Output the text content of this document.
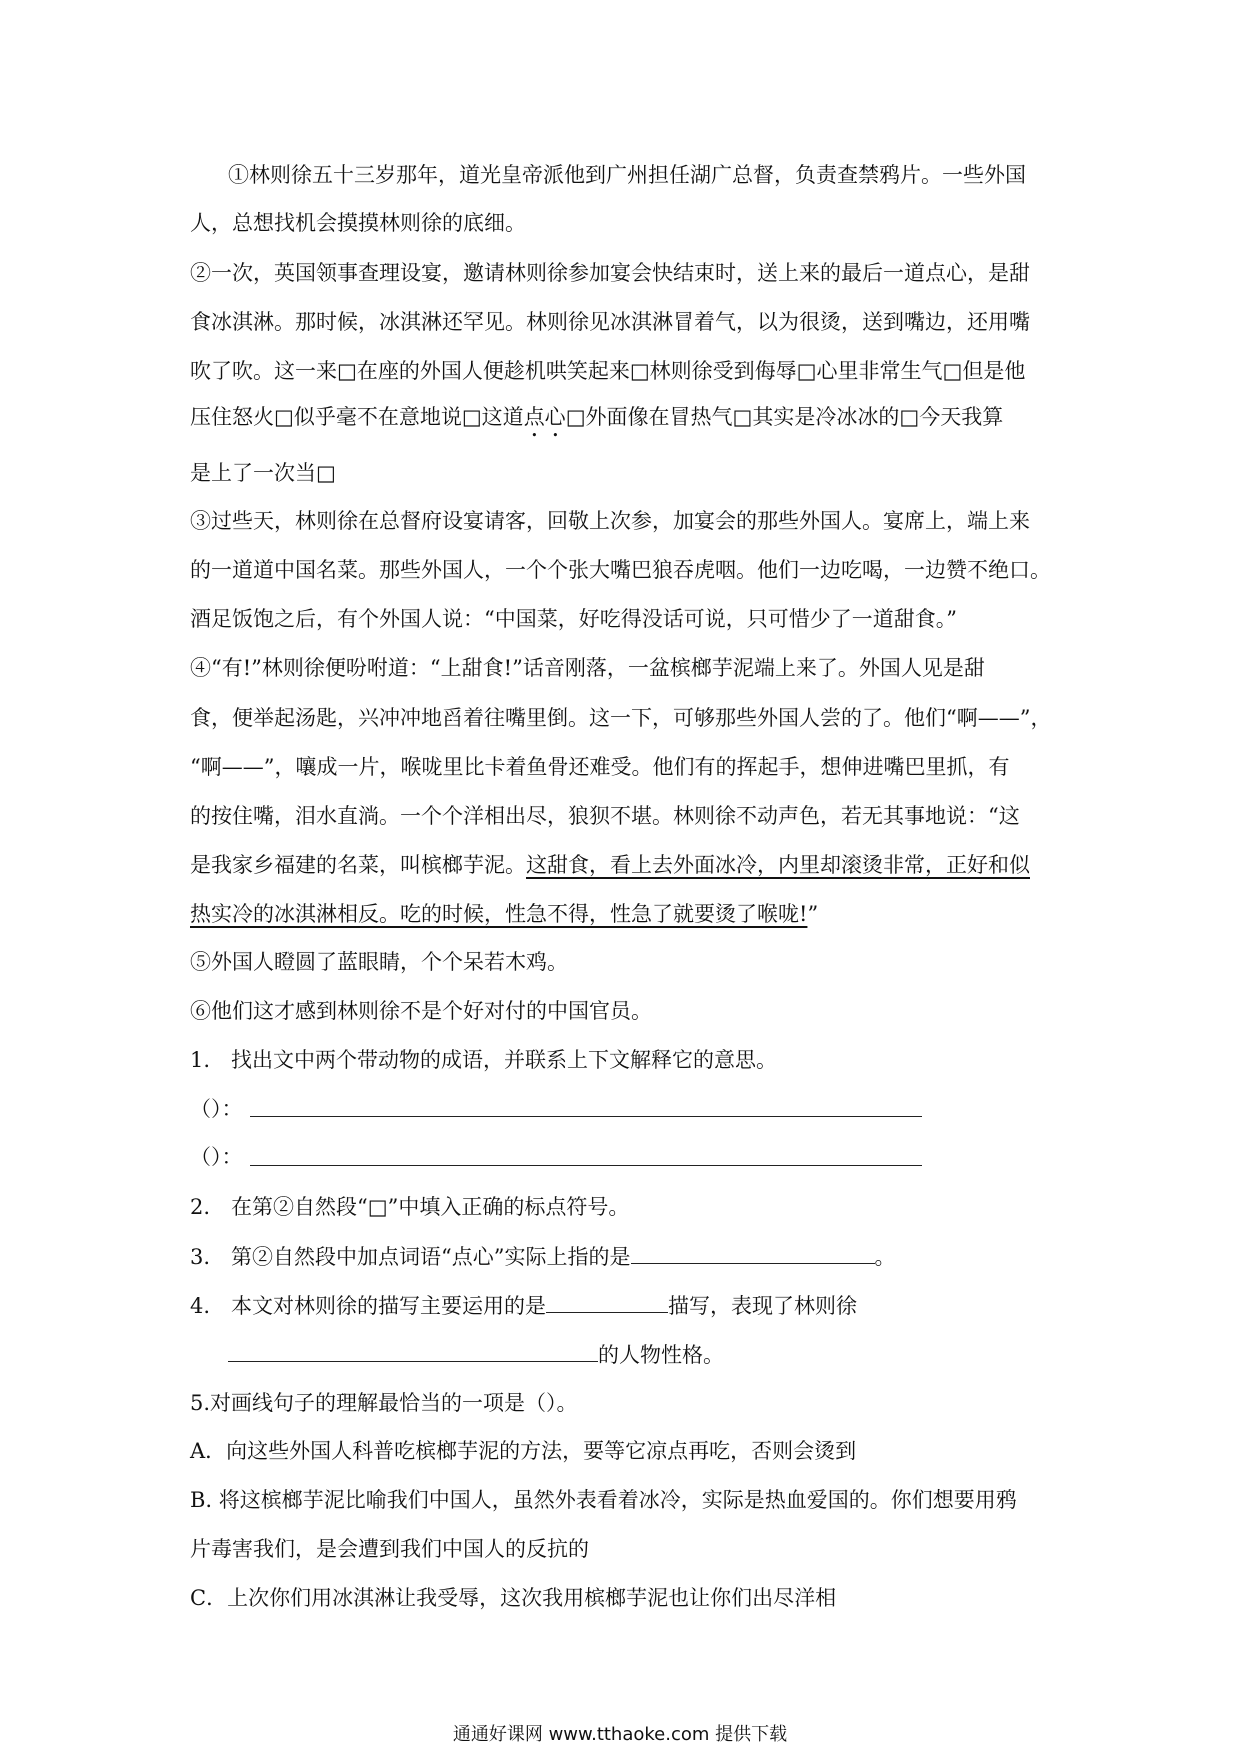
①林则徐五十三岁那年，道光皇帝派他到广州担任湖广总督，负责查禁鸦片。一些外国
人，总想找机会摸摸林则徐的底细。
②一次，英国领事查理设宴，邀请林则徐参加宴会快结束时，送上来的最后一道点心，是甜
食冰淇淋。那时候，冰淇淋还罕见。林则徐见冰淇淋冒着气，以为很烫，送到嘴边，还用嘴
吹了吹。这一来□在座的外国人便趁机哄笑起来□林则徐受到侮辱□心里非常生气□但是他
压住怒火□似乎毫不在意地说□这道点心□外面像在冒热气□其实是冷冰冰的□今天我算
是上了一次当□
③过些天，林则徐在总督府设宴请客，回敬上次参，加宴会的那些外国人。宴席上，端上来
的一道道中国名菜。那些外国人，一个个张大嘴巴狼吞虎咽。他们一边吃喝，一边赞不绝口。
酒足饭饱之后，有个外国人说：“中国菜，好吃得没话可说，只可惜少了一道甜食。”
④“有!”林则徐便吩咐道：“上甜食!”话音刚落，一盆槟榔芋泥端上来了。外国人见是甜
食，便举起汤匙，兴冲冲地舀着往嘴里倒。这一下，可够那些外国人尝的了。他们“啊——”，
“啊——”，嚷成一片，喉咙里比卡着鱼骨还难受。他们有的挥起手，想伸进嘴巴里抓，有
的按住嘴，泪水直淌。一个个洋相出尽，狼狈不堪。林则徐不动声色，若无其事地说：“这
是我家乡福建的名菜，叫槟榔芋泥。这甜食，看上去外面冰冷，内里却滚烫非常，正好和似
热实冷的冰淇淋相反。吃的时候，性急不得，性急了就要烫了喉咙!”
⑤外国人瞪圆了蓝眼睛，个个呆若木鸡。
⑥他们这才感到林则徐不是个好对付的中国官员。
1.　找出文中两个带动物的成语，并联系上下文解释它的意思。
（）：
（）：
2.　在第②自然段“□”中填入正确的标点符号。
3.　第②自然段中加点词语“点心”实际上指的是	。
4.　本文对林则徐的描写主要运用的是	描写，表现了林则徐
的人物性格。
5.对画线句子的理解最恰当的一项是（）。
A．向这些外国人科普吃槟榔芋泥的方法，要等它凉点再吃，否则会烫到
B. 将这槟榔芋泥比喻我们中国人，虽然外表看着冰冷，实际是热血爱国的。你们想要用鸦
片毒害我们，是会遭到我们中国人的反抗的
C．上次你们用冰淇淋让我受辱，这次我用槟榔芋泥也让你们出尽洋相
通通好课网 www.tthaoke.com 提供下载
